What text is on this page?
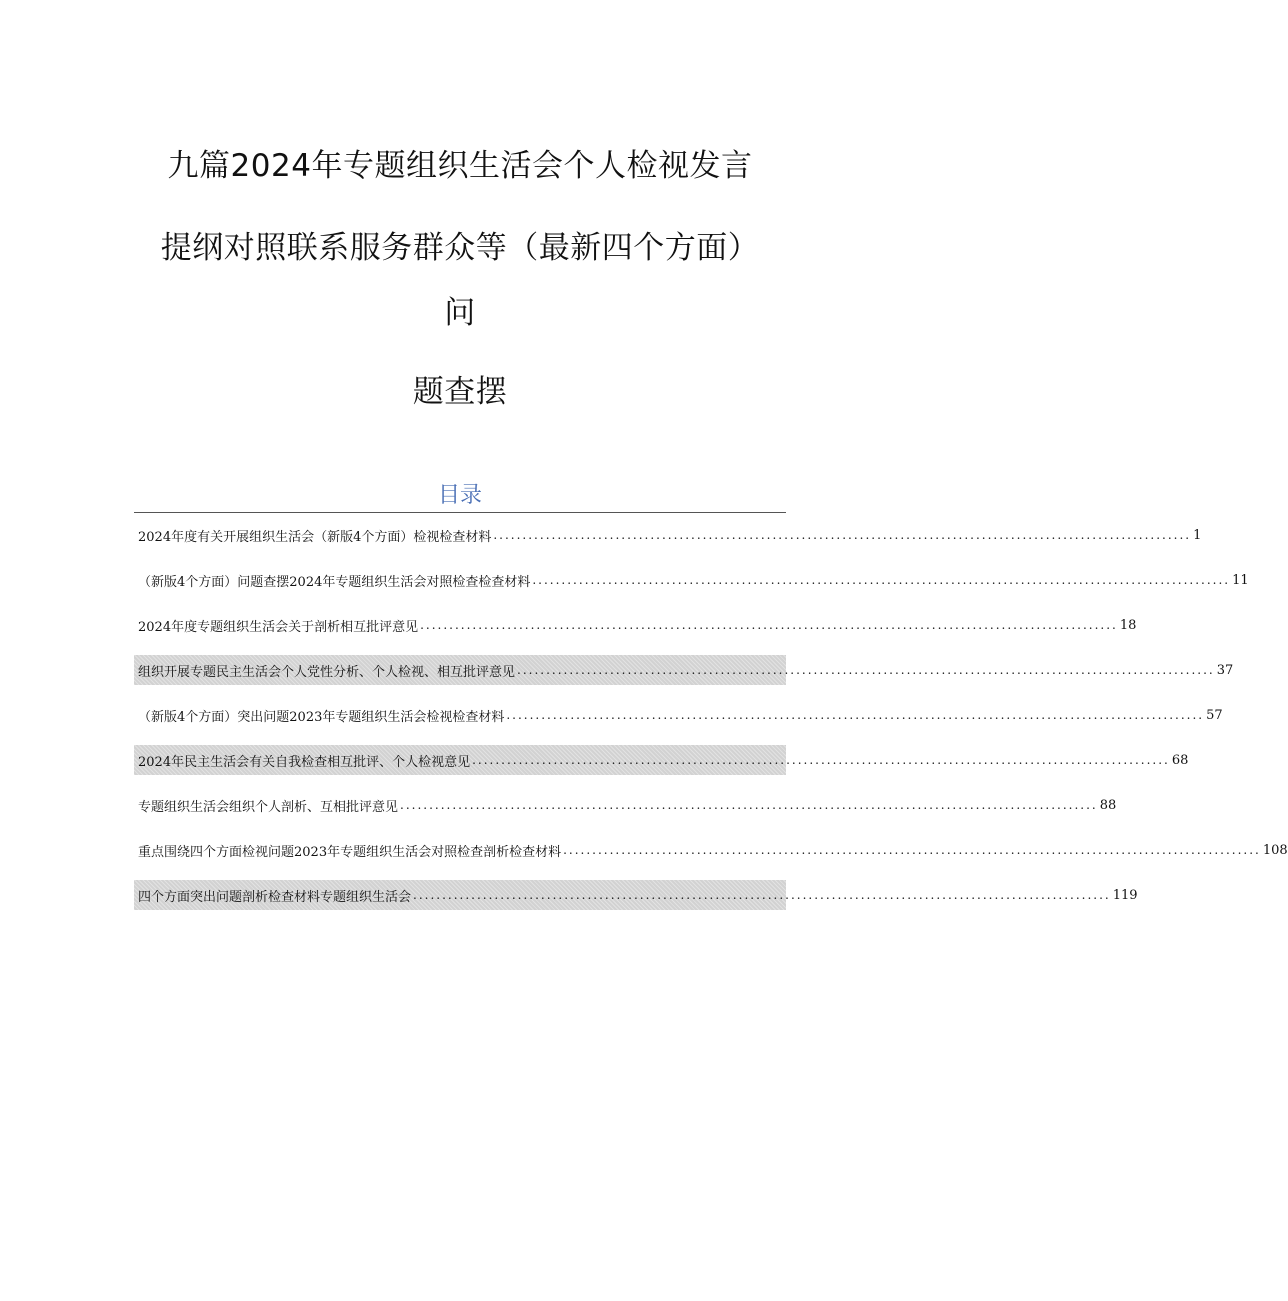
九篇2024年专题组织生活会个人检视发言
提纲对照联系服务群众等（最新四个方面）
问
题查摆
目录
2024年度有关开展组织生活会（新版4个方面）检视检查材料 ........................................................................................................................ 1
（新版4个方面）问题查摆2024年专题组织生活会对照检查检查材料 ........................................................................................................................ 11
2024年度专题组织生活会关于剖析相互批评意见 ........................................................................................................................ 18
组织开展专题民主生活会个人党性分析、个人检视、相互批评意见 ........................................................................................................................ 37
（新版4个方面）突出问题2023年专题组织生活会检视检查材料 ........................................................................................................................ 57
2024年民主生活会有关自我检查相互批评、个人检视意见 ........................................................................................................................ 68
专题组织生活会组织个人剖析、互相批评意见 ........................................................................................................................ 88
重点围绕四个方面检视问题2023年专题组织生活会对照检查剖析检查材料 ........................................................................................................................ 108
四个方面突出问题剖析检查材料专题组织生活会 ........................................................................................................................ 119
